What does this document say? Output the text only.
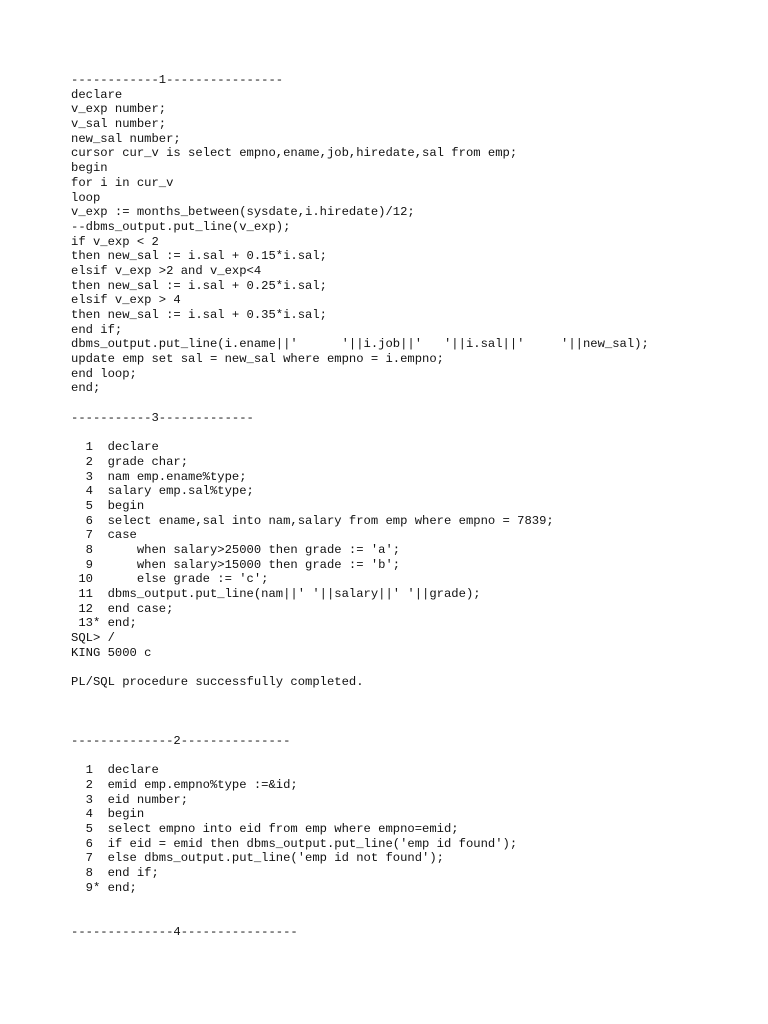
------------1----------------
declare
v_exp number;
v_sal number;
new_sal number;
cursor cur_v is select empno,ename,job,hiredate,sal from emp;
begin
for i in cur_v
loop
v_exp := months_between(sysdate,i.hiredate)/12;
--dbms_output.put_line(v_exp);
if v_exp < 2
then new_sal := i.sal + 0.15*i.sal;
elsif v_exp >2 and v_exp<4
then new_sal := i.sal + 0.25*i.sal;
elsif v_exp > 4
then new_sal := i.sal + 0.35*i.sal;
end if;
dbms_output.put_line(i.ename||'      '||i.job||'   '||i.sal||'     '||new_sal);
update emp set sal = new_sal where empno = i.empno;
end loop;
end;
-----------3-------------
1  declare
2  grade char;
3  nam emp.ename%type;
4  salary emp.sal%type;
5  begin
6  select ename,sal into nam,salary from emp where empno = 7839;
7  case
8      when salary>25000 then grade := 'a';
9      when salary>15000 then grade := 'b';
10      else grade := 'c';
11  dbms_output.put_line(nam||' '||salary||' '||grade);
12  end case;
13* end;
SQL> /
KING 5000 c
PL/SQL procedure successfully completed.
--------------2---------------
1  declare
2  emid emp.empno%type :=&id;
3  eid number;
4  begin
5  select empno into eid from emp where empno=emid;
6  if eid = emid then dbms_output.put_line('emp id found');
7  else dbms_output.put_line('emp id not found');
8  end if;
9* end;
--------------4----------------
